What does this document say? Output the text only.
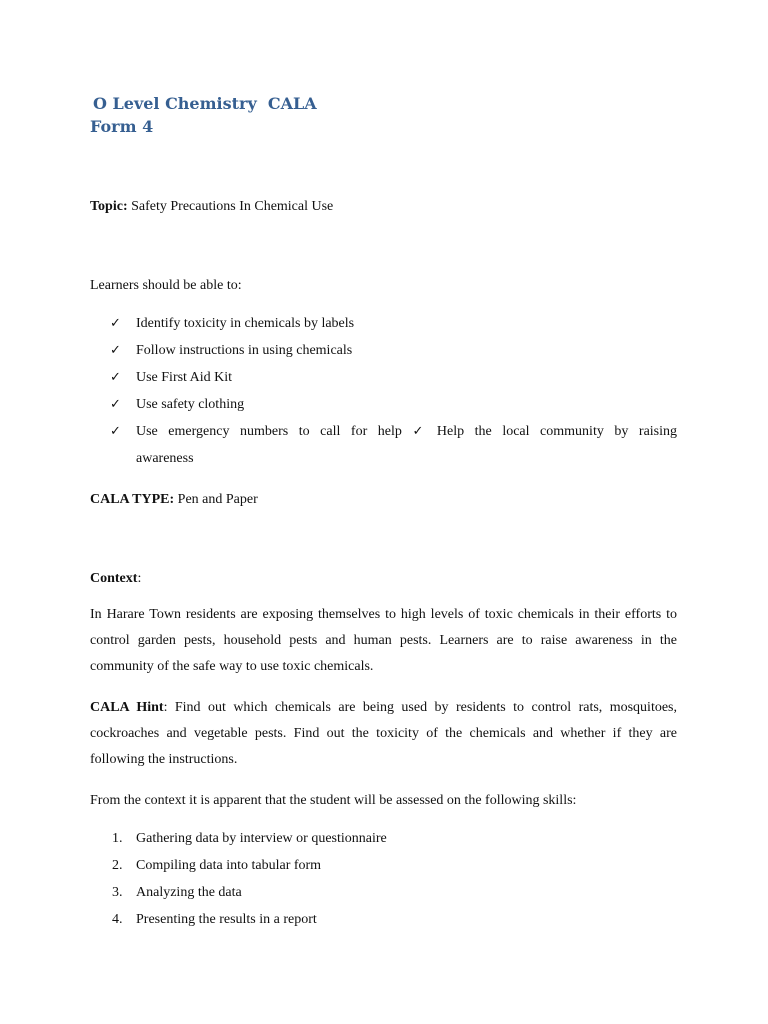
O Level Chemistry  CALA
Form 4

Topic: Safety Precautions In Chemical Use

Learners should be able to:

✓ Identify toxicity in chemicals by labels
✓ Follow instructions in using chemicals
✓ Use First Aid Kit
✓ Use safety clothing
✓ Use emergency numbers to call for help ✓ Help the local community by raising awareness

CALA TYPE: Pen and Paper

Context:

In Harare Town residents are exposing themselves to high levels of toxic chemicals in their efforts to control garden pests, household pests and human pests. Learners are to raise awareness in the community of the safe way to use toxic chemicals.

CALA Hint: Find out which chemicals are being used by residents to control rats, mosquitoes, cockroaches and vegetable pests. Find out the toxicity of the chemicals and whether if they are following the instructions.

From the context it is apparent that the student will be assessed on the following skills:

1. Gathering data by interview or questionnaire
2. Compiling data into tabular form
3. Analyzing the data
4. Presenting the results in a report
